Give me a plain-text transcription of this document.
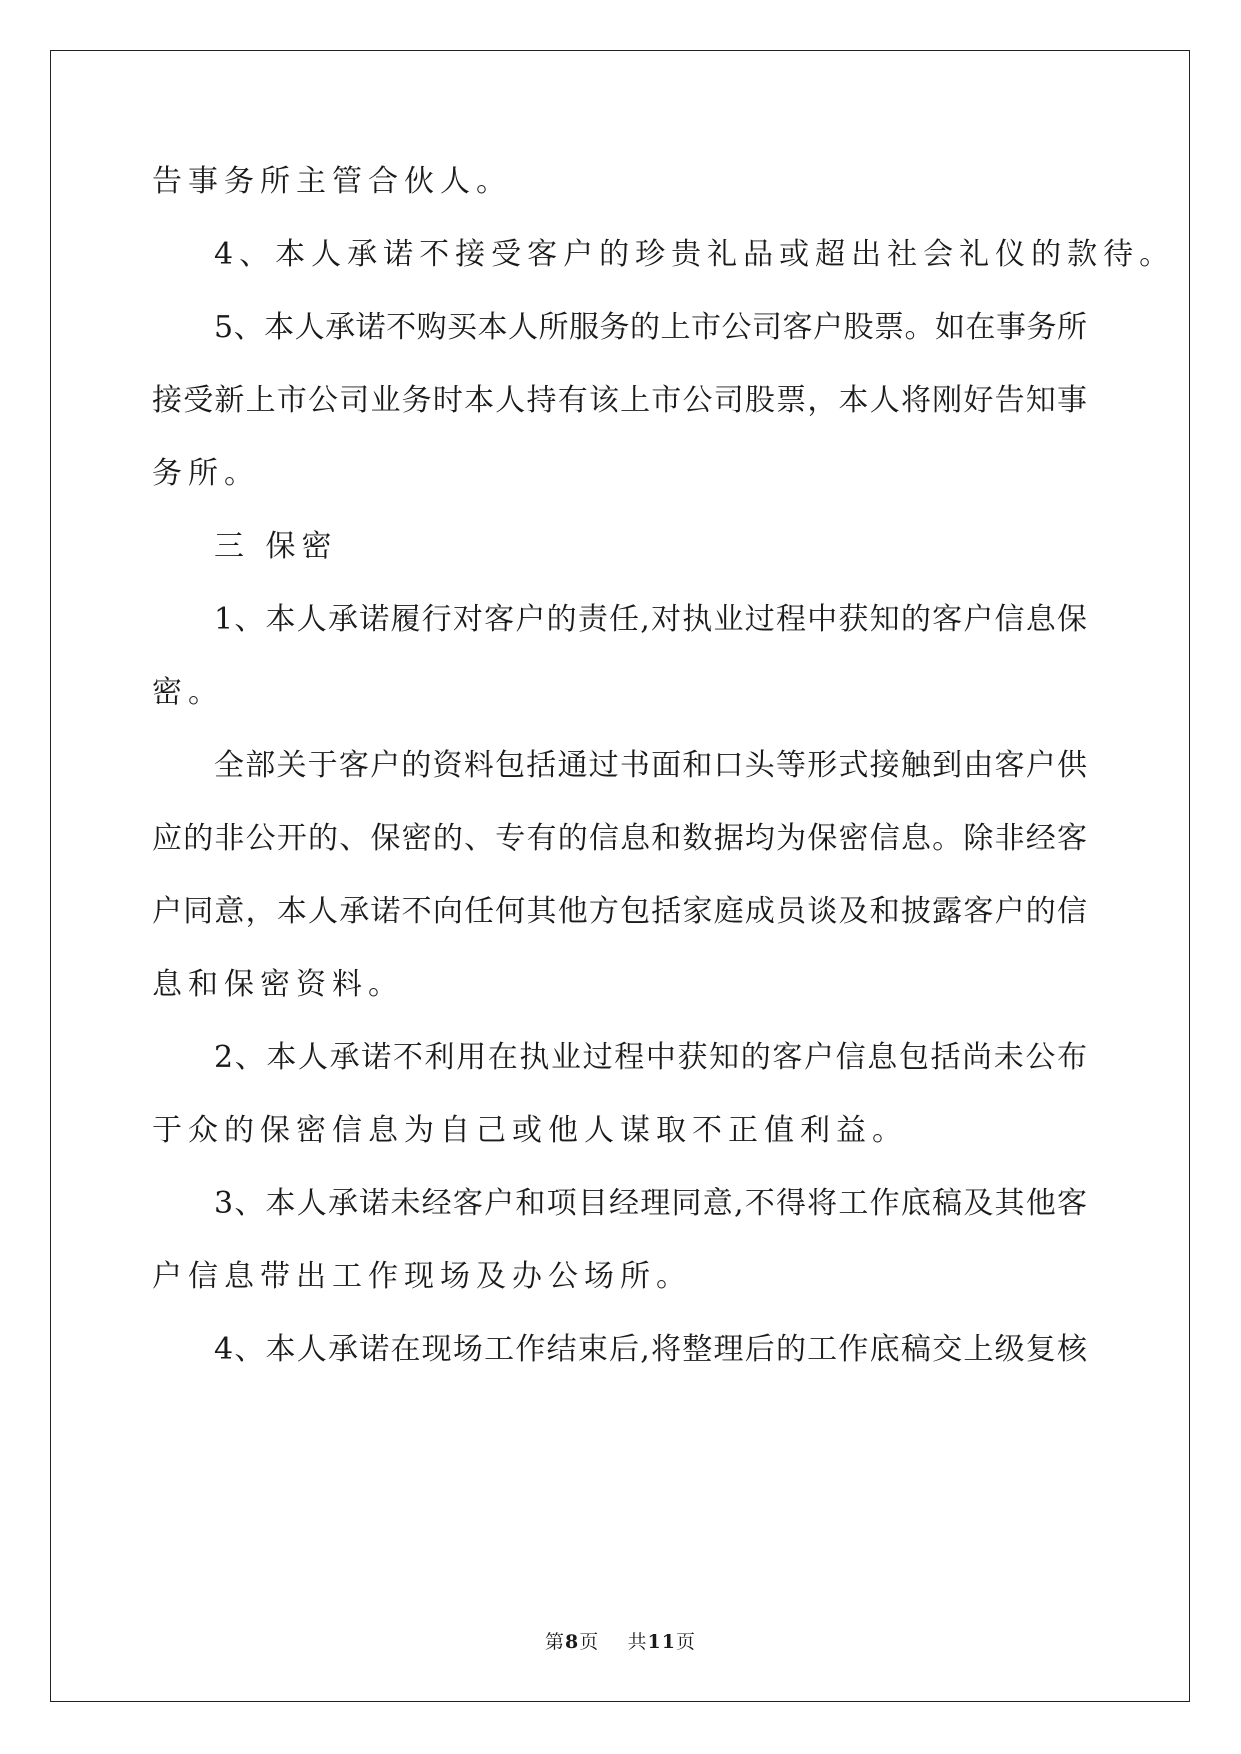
告事务所主管合伙人。
4、本人承诺不接受客户的珍贵礼品或超出社会礼仪的款待。
5、本人承诺不购买本人所服务的上市公司客户股票。如在事务所
接受新上市公司业务时本人持有该上市公司股票，本人将刚好告知事
务所。
三 保密
1、本人承诺履行对客户的责任,对执业过程中获知的客户信息保
密。
全部关于客户的资料包括通过书面和口头等形式接触到由客户供
应的非公开的、保密的、专有的信息和数据均为保密信息。除非经客
户同意，本人承诺不向任何其他方包括家庭成员谈及和披露客户的信
息和保密资料。
2、本人承诺不利用在执业过程中获知的客户信息包括尚未公布
于众的保密信息为自己或他人谋取不正值利益。
3、本人承诺未经客户和项目经理同意,不得将工作底稿及其他客
户信息带出工作现场及办公场所。
4、本人承诺在现场工作结束后,将整理后的工作底稿交上级复核
第8页 共11页
